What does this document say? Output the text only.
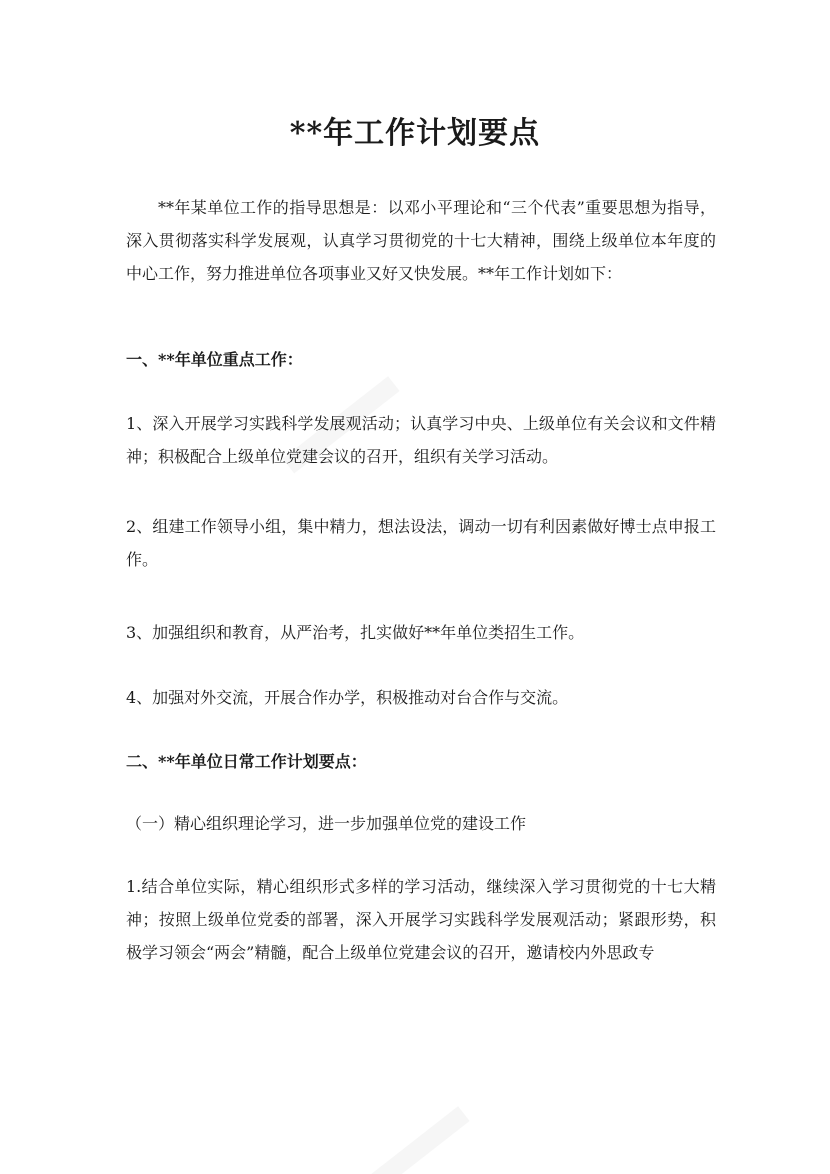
**年工作计划要点
**年某单位工作的指导思想是：以邓小平理论和“三个代表”重要思想为指导，深入贯彻落实科学发展观，认真学习贯彻党的十七大精神，围绕上级单位本年度的中心工作，努力推进单位各项事业又好又快发展。**年工作计划如下：
一、**年单位重点工作：
1、深入开展学习实践科学发展观活动；认真学习中央、上级单位有关会议和文件精神；积极配合上级单位党建会议的召开，组织有关学习活动。
2、组建工作领导小组，集中精力，想法设法，调动一切有利因素做好博士点申报工作。
3、加强组织和教育，从严治考，扎实做好**年单位类招生工作。
4、加强对外交流，开展合作办学，积极推动对台合作与交流。
二、**年单位日常工作计划要点：
（一）精心组织理论学习，进一步加强单位党的建设工作
1.结合单位实际，精心组织形式多样的学习活动，继续深入学习贯彻党的十七大精神；按照上级单位党委的部署，深入开展学习实践科学发展观活动；紧跟形势，积极学习领会“两会”精髓，配合上级单位党建会议的召开，邀请校内外思政专
